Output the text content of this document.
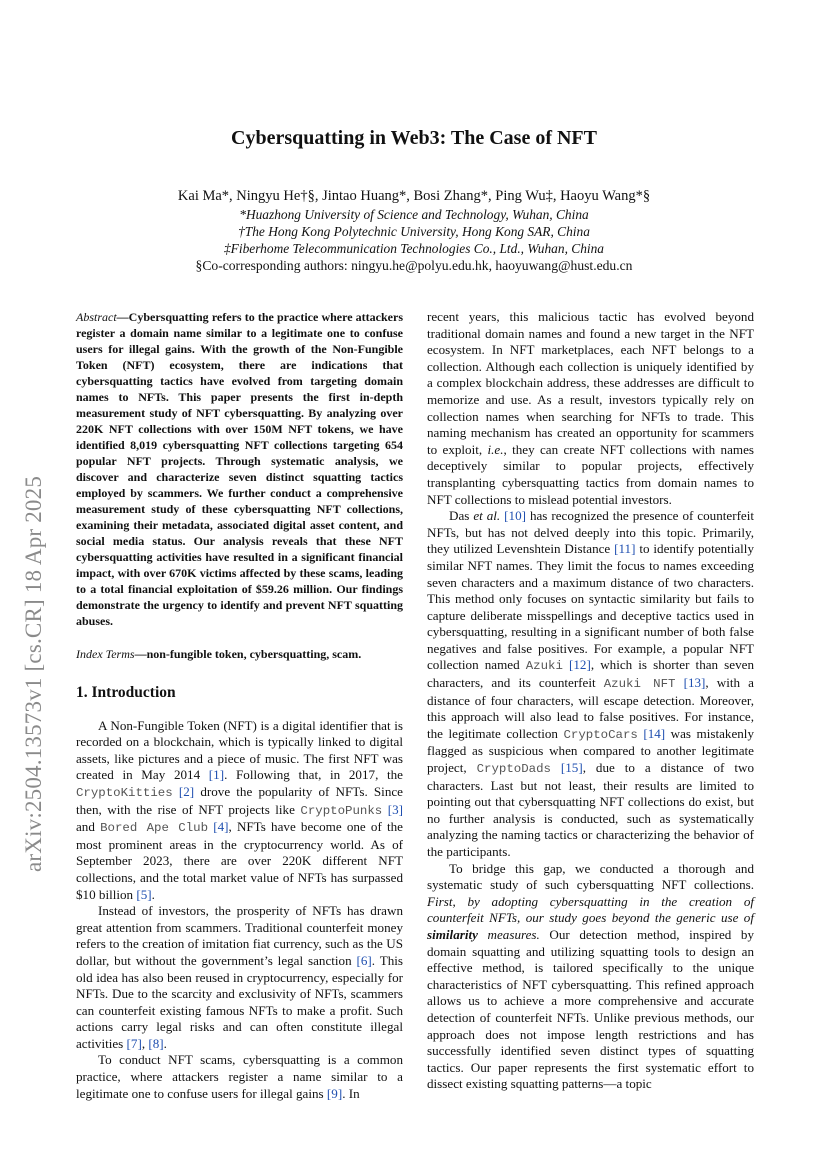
arXiv:2504.13573v1 [cs.CR] 18 Apr 2025
Cybersquatting in Web3: The Case of NFT
Kai Ma*, Ningyu He†§, Jintao Huang*, Bosi Zhang*, Ping Wu‡, Haoyu Wang*§
*Huazhong University of Science and Technology, Wuhan, China
†The Hong Kong Polytechnic University, Hong Kong SAR, China
‡Fiberhome Telecommunication Technologies Co., Ltd., Wuhan, China
§Co-corresponding authors: ningyu.he@polyu.edu.hk, haoyuwang@hust.edu.cn

Abstract—Cybersquatting refers to the practice where attackers register a domain name similar to a legitimate one to confuse users for illegal gains. With the growth of the Non-Fungible Token (NFT) ecosystem, there are indications that cybersquatting tactics have evolved from targeting domain names to NFTs. This paper presents the first in-depth measurement study of NFT cybersquatting. By analyzing over 220K NFT collections with over 150M NFT tokens, we have identified 8,019 cybersquatting NFT collections targeting 654 popular NFT projects. Through systematic analysis, we discover and characterize seven distinct squatting tactics employed by scammers. We further conduct a comprehensive measurement study of these cybersquatting NFT collections, examining their metadata, associated digital asset content, and social media status. Our analysis reveals that these NFT cybersquatting activities have resulted in a significant financial impact, with over 670K victims affected by these scams, leading to a total financial exploitation of $59.26 million. Our findings demonstrate the urgency to identify and prevent NFT squatting abuses.

Index Terms—non-fungible token, cybersquatting, scam.

1. Introduction

A Non-Fungible Token (NFT) is a digital identifier that is recorded on a blockchain, which is typically linked to digital assets, like pictures and a piece of music. The first NFT was created in May 2014 [1]. Following that, in 2017, the CryptoKitties [2] drove the popularity of NFTs. Since then, with the rise of NFT projects like CryptoPunks [3] and Bored Ape Club [4], NFTs have become one of the most prominent areas in the cryptocurrency world. As of September 2023, there are over 220K different NFT collections, and the total market value of NFTs has surpassed $10 billion [5].

Instead of investors, the prosperity of NFTs has drawn great attention from scammers. Traditional counterfeit money refers to the creation of imitation fiat currency, such as the US dollar, but without the government’s legal sanction [6]. This old idea has also been reused in cryptocurrency, especially for NFTs. Due to the scarcity and exclusivity of NFTs, scammers can counterfeit existing famous NFTs to make a profit. Such actions carry legal risks and can often constitute illegal activities [7], [8].

To conduct NFT scams, cybersquatting is a common practice, where attackers register a name similar to a legitimate one to confuse users for illegal gains [9]. In

recent years, this malicious tactic has evolved beyond traditional domain names and found a new target in the NFT ecosystem. In NFT marketplaces, each NFT belongs to a collection. Although each collection is uniquely identified by a complex blockchain address, these addresses are difficult to memorize and use. As a result, investors typically rely on collection names when searching for NFTs to trade. This naming mechanism has created an opportunity for scammers to exploit, i.e., they can create NFT collections with names deceptively similar to popular projects, effectively transplanting cybersquatting tactics from domain names to NFT collections to mislead potential investors.

Das et al. [10] has recognized the presence of counterfeit NFTs, but has not delved deeply into this topic. Primarily, they utilized Levenshtein Distance [11] to identify potentially similar NFT names. They limit the focus to names exceeding seven characters and a maximum distance of two characters. This method only focuses on syntactic similarity but fails to capture deliberate misspellings and deceptive tactics used in cybersquatting, resulting in a significant number of both false negatives and false positives. For example, a popular NFT collection named Azuki [12], which is shorter than seven characters, and its counterfeit Azuki NFT [13], with a distance of four characters, will escape detection. Moreover, this approach will also lead to false positives. For instance, the legitimate collection CryptoCars [14] was mistakenly flagged as suspicious when compared to another legitimate project, CryptoDads [15], due to a distance of two characters. Last but not least, their results are limited to pointing out that cybersquatting NFT collections do exist, but no further analysis is conducted, such as systematically analyzing the naming tactics or characterizing the behavior of the participants.

To bridge this gap, we conducted a thorough and systematic study of such cybersquatting NFT collections. First, by adopting cybersquatting in the creation of counterfeit NFTs, our study goes beyond the generic use of similarity measures. Our detection method, inspired by domain squatting and utilizing squatting tools to design an effective method, is tailored specifically to the unique characteristics of NFT cybersquatting. This refined approach allows us to achieve a more comprehensive and accurate detection of counterfeit NFTs. Unlike previous methods, our approach does not impose length restrictions and has successfully identified seven distinct types of squatting tactics. Our paper represents the first systematic effort to dissect existing squatting patterns—a topic
